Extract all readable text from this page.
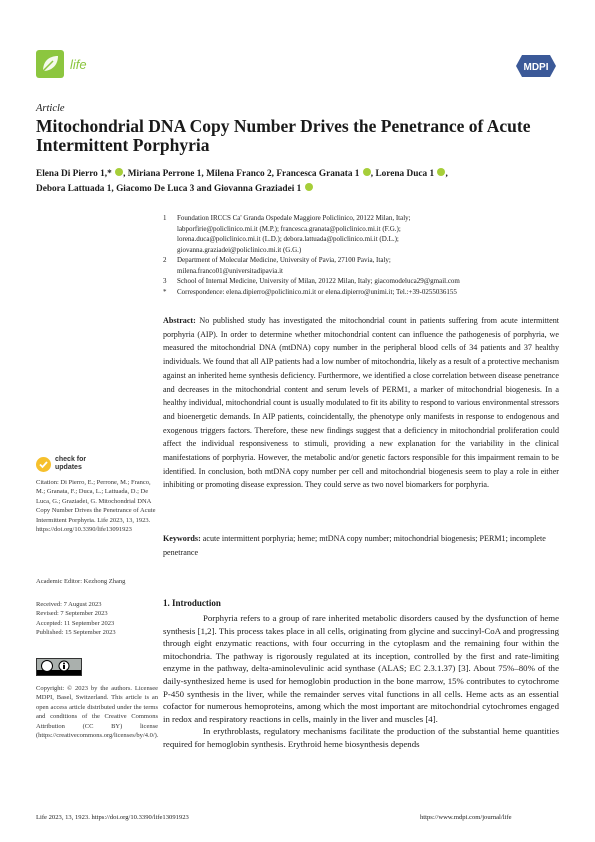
life	MDPI
Article
Mitochondrial DNA Copy Number Drives the Penetrance of Acute Intermittent Porphyria
Elena Di Pierro 1,* , Miriana Perrone 1, Milena Franco 2, Francesca Granata 1 , Lorena Duca 1 ,
Debora Lattuada 1, Giacomo De Luca 3 and Giovanna Graziadei 1
1	Foundation IRCCS Ca' Granda Ospedale Maggiore Policlinico, 20122 Milan, Italy;
labporfirie@policlinico.mi.it (M.P.); francesca.granata@policlinico.mi.it (F.G.);
lorena.duca@policlinico.mi.it (L.D.); debora.lattuada@policlinico.mi.it (D.L.);
giovanna.graziadei@policlinico.mi.it (G.G.)
2	Department of Molecular Medicine, University of Pavia, 27100 Pavia, Italy;
milena.franco01@universitadipavia.it
3	School of Internal Medicine, University of Milan, 20122 Milan, Italy; giacomodeluca29@gmail.com
*	Correspondence: elena.dipierro@policlinico.mi.it or elena.dipierro@unimi.it; Tel.:+39-0255036155
Abstract: No published study has investigated the mitochondrial count in patients suffering from acute intermittent porphyria (AIP). In order to determine whether mitochondrial content can influence the pathogenesis of porphyria, we measured the mitochondrial DNA (mtDNA) copy number in the peripheral blood cells of 34 patients and 37 healthy individuals. We found that all AIP patients had a low number of mitochondria, likely as a result of a protective mechanism against an inherited heme synthesis deficiency. Furthermore, we identified a close correlation between disease penetrance and decreases in the mitochondrial content and serum levels of PERM1, a marker of mitochondrial biogenesis. In a healthy individual, mitochondrial count is usually modulated to fit its ability to respond to various environmental stressors and bioenergetic demands. In AIP patients, coincidentally, the phenotype only manifests in response to endogenous and exogenous triggers factors. Therefore, these new findings suggest that a deficiency in mitochondrial proliferation could affect the individual responsiveness to stimuli, providing a new explanation for the variability in the clinical manifestations of porphyria. However, the metabolic and/or genetic factors responsible for this impairment remain to be identified. In conclusion, both mtDNA copy number per cell and mitochondrial biogenesis seem to play a role in either inhibiting or promoting disease expression. They could serve as two novel biomarkers for porphyria.
Keywords: acute intermittent porphyria; heme; mtDNA copy number; mitochondrial biogenesis; PERM1; incomplete penetrance
check for
updates
Citation: Di Pierro, E.; Perrone, M.; Franco, M.; Granata, F.; Duca, L.; Lattuada, D.; De Luca, G.; Graziadei, G. Mitochondrial DNA Copy Number Drives the Penetrance of Acute Intermittent Porphyria. Life 2023, 13, 1923. https://doi.org/10.3390/life13091923
Academic Editor: Kezhong Zhang
Received: 7 August 2023
Revised: 7 September 2023
Accepted: 11 September 2023
Published: 15 September 2023
Copyright: © 2023 by the authors. Licensee MDPI, Basel, Switzerland. This article is an open access article distributed under the terms and conditions of the Creative Commons Attribution (CC BY) license (https://creativecommons.org/licenses/by/4.0/).
1. Introduction

Porphyria refers to a group of rare inherited metabolic disorders caused by the dysfunction of heme synthesis [1,2]. This process takes place in all cells, originating from glycine and succinyl-CoA and progressing through eight enzymatic reactions, with four occurring in the cytoplasm and the remaining four within the mitochondria. The pathway is rigorously regulated at its inception, controlled by the first and rate-limiting enzyme in the pathway, delta-aminolevulinic acid synthase (ALAS; EC 2.3.1.37) [3]. About 75%–80% of the daily-synthesized heme is used for hemoglobin production in the bone marrow, 15% contributes to cytochrome P-450 synthesis in the liver, while the remainder serves vital functions in all cells. Heme acts as an essential cofactor for numerous hemoproteins, among which the most important are mitochondrial cytochromes engaged in redox and respiratory reactions in cells, mainly in the liver and muscles [4].

In erythroblasts, regulatory mechanisms facilitate the production of the substantial heme quantities required for hemoglobin synthesis. Erythroid heme biosynthesis depends

Life 2023, 13, 1923. https://doi.org/10.3390/life13091923	https://www.mdpi.com/journal/life
